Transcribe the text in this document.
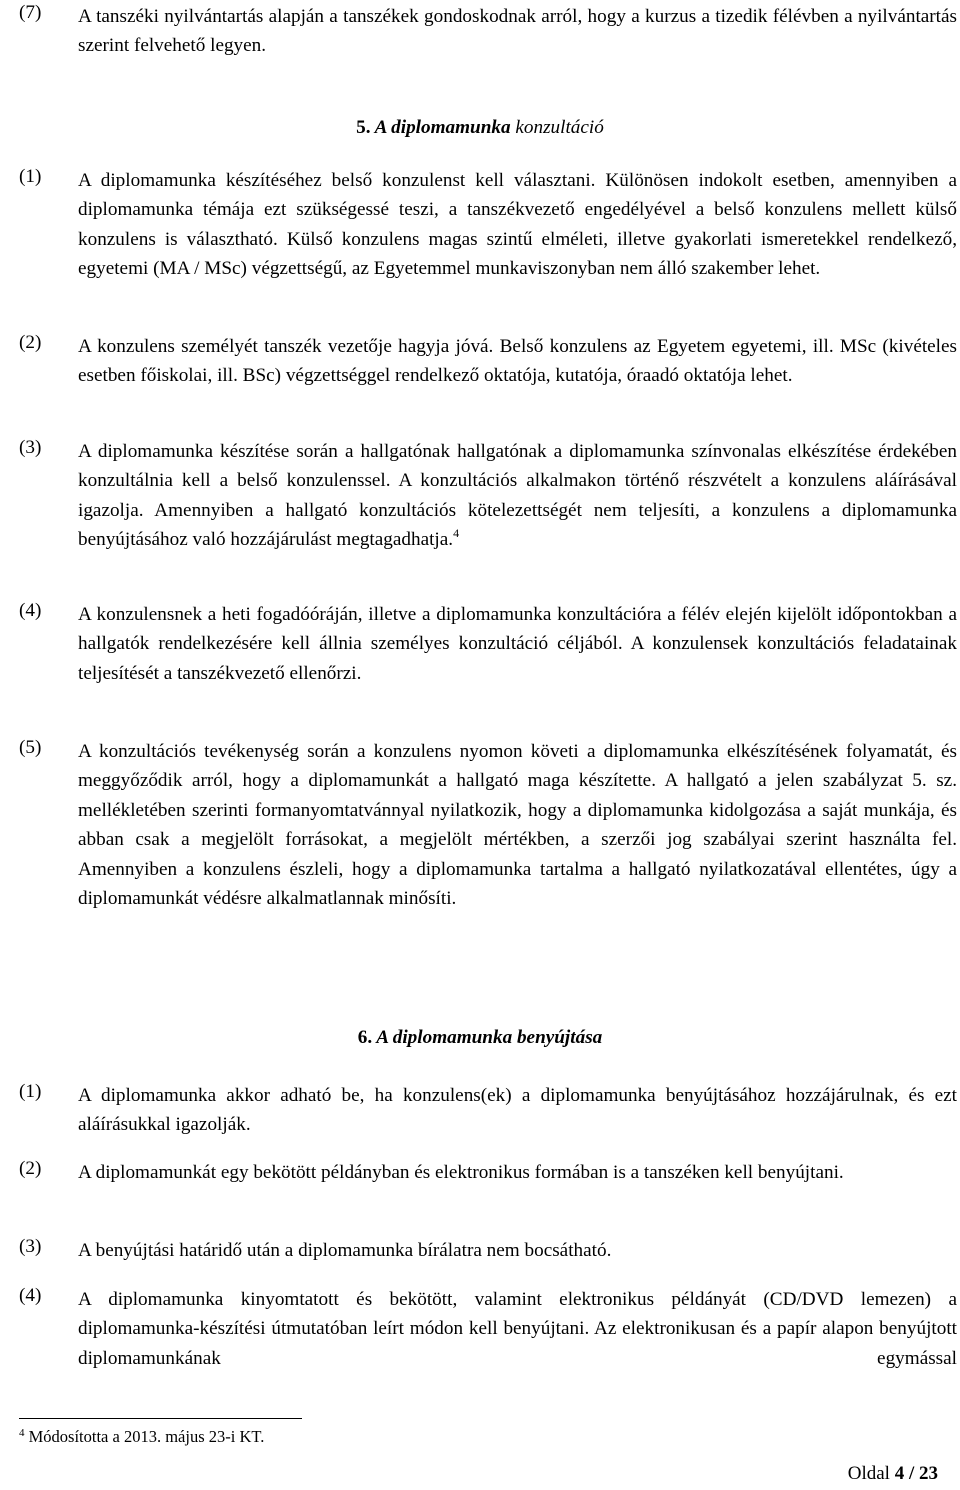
(7) A tanszéki nyilvántartás alapján a tanszékek gondoskodnak arról, hogy a kurzus a tizedik félévben a nyilvántartás szerint felvehető legyen.
5. A diplomamunka konzultáció
(1) A diplomamunka készítéséhez belső konzulenst kell választani. Különösen indokolt esetben, amennyiben a diplomamunka témája ezt szükségessé teszi, a tanszékvezető engedélyével a belső konzulens mellett külső konzulens is választható. Külső konzulens magas szintű elméleti, illetve gyakorlati ismeretekkel rendelkező, egyetemi (MA / MSc) végzettségű, az Egyetemmel munkaviszonyban nem álló szakember lehet.
(2) A konzulens személyét tanszék vezetője hagyja jóvá. Belső konzulens az Egyetem egyetemi, ill. MSc (kivételes esetben főiskolai, ill. BSc) végzettséggel rendelkező oktatója, kutatója, óraadó oktatója lehet.
(3) A diplomamunka készítése során a hallgatónak hallgatónak a diplomamunka színvonalas elkészítése érdekében konzultálnia kell a belső konzulenssel. A konzultációs alkalmakon történő részvételt a konzulens aláírásával igazolja. Amennyiben a hallgató konzultációs kötelezettségét nem teljesíti, a konzulens a diplomamunka benyújtásához való hozzájárulást megtagadhatja.$^4$
(4) A konzulensnek a heti fogadóóráján, illetve a diplomamunka konzultációra a félév elején kijelölt időpontokban a hallgatók rendelkezésére kell állnia személyes konzultáció céljából. A konzulensek konzultációs feladatainak teljesítését a tanszékvezető ellenőrzi.
(5) A konzultációs tevékenység során a konzulens nyomon követi a diplomamunka elkészítésének folyamatát, és meggyőződik arról, hogy a diplomamunkát a hallgató maga készítette. A hallgató a jelen szabályzat 5. sz. mellékletében szerinti formanyomtatvánnyal nyilatkozik, hogy a diplomamunka kidolgozása a saját munkája, és abban csak a megjelölt forrásokat, a megjelölt mértékben, a szerzői jog szabályai szerint használta fel. Amennyiben a konzulens észleli, hogy a diplomamunka tartalma a hallgató nyilatkozatával ellentétes, úgy a diplomamunkát védésre alkalmatlannak minősíti.
6. A diplomamunka benyújtása
(1) A diplomamunka akkor adható be, ha konzulens(ek) a diplomamunka benyújtásához hozzájárulnak, és ezt aláírásukkal igazolják.
(2) A diplomamunkát egy bekötött példányban és elektronikus formában is a tanszéken kell benyújtani.
(3) A benyújtási határidő után a diplomamunka bírálatra nem bocsátható.
(4) A diplomamunka kinyomtatott és bekötött, valamint elektronikus példányát (CD/DVD lemezen) a diplomamunka-készítési útmutatóban leírt módon kell benyújtani. Az elektronikusan és a papír alapon benyújtott diplomamunkának egymással
$^4$ Módosította a 2013. május 23-i KT.
Oldal 4 / 23
